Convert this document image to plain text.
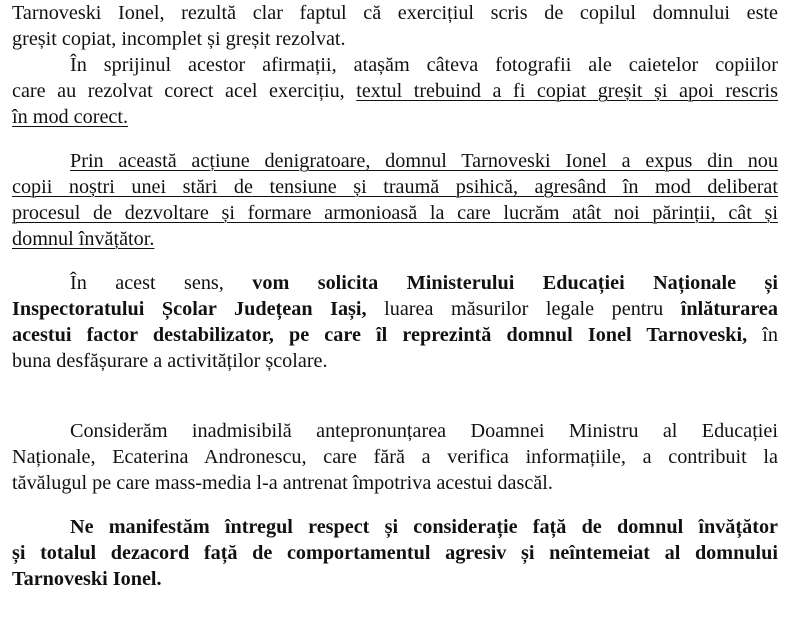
Tarnoveski Ionel, rezultă clar faptul că exercițiul scris de copilul domnului este
greșit copiat, incomplet și greșit rezolvat.
În sprijinul acestor afirmații, atașăm câteva fotografii ale caietelor copiilor
care au rezolvat corect acel exercițiu, textul trebuind a fi copiat greșit și apoi rescris
în mod corect.
Prin această acțiune denigratoare, domnul Tarnoveski Ionel a expus din nou
copii noștri unei stări de tensiune și traumă psihică, agresând în mod deliberat
procesul de dezvoltare și formare armonioasă la care lucrăm atât noi părinții, cât și
domnul învățător.
În acest sens, vom solicita Ministerului Educației Naționale și
Inspectoratului Școlar Județean Iași, luarea măsurilor legale pentru înlăturarea
acestui factor destabilizator, pe care îl reprezintă domnul Ionel Tarnoveski, în
buna desfășurare a activităților școlare.
Considerăm inadmisibilă antepronunțarea Doamnei Ministru al Educației
Naționale, Ecaterina Andronescu, care fără a verifica informațiile, a contribuit la
tăvălugul pe care mass-media l-a antrenat împotriva acestui dascăl.
Ne manifestăm întregul respect și considerație față de domnul învățător
și totalul dezacord față de comportamentul agresiv și neîntemeiat al domnului
Tarnoveski Ionel.
